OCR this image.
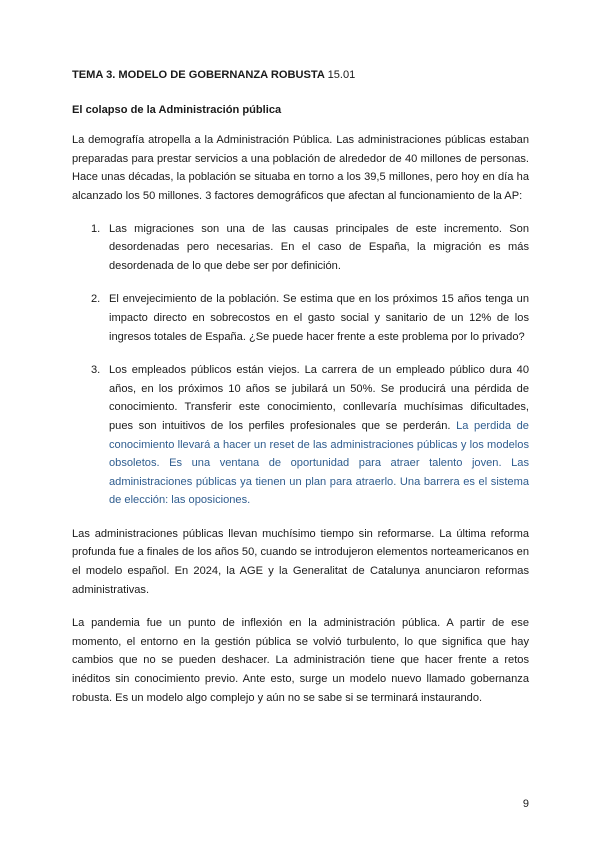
TEMA 3. MODELO DE GOBERNANZA ROBUSTA 15.01
El colapso de la Administración pública

La demografía atropella a la Administración Pública. Las administraciones públicas estaban preparadas para prestar servicios a una población de alrededor de 40 millones de personas. Hace unas décadas, la población se situaba en torno a los 39,5 millones, pero hoy en día ha alcanzado los 50 millones. 3 factores demográficos que afectan al funcionamiento de la AP:

1. Las migraciones son una de las causas principales de este incremento. Son desordenadas pero necesarias. En el caso de España, la migración es más desordenada de lo que debe ser por definición.
2. El envejecimiento de la población. Se estima que en los próximos 15 años tenga un impacto directo en sobrecostos en el gasto social y sanitario de un 12% de los ingresos totales de España. ¿Se puede hacer frente a este problema por lo privado?
3. Los empleados públicos están viejos. La carrera de un empleado público dura 40 años, en los próximos 10 años se jubilará un 50%. Se producirá una pérdida de conocimiento. Transferir este conocimiento, conllevaría muchísimas dificultades, pues son intuitivos de los perfiles profesionales que se perderán. La perdida de conocimiento llevará a hacer un reset de las administraciones públicas y los modelos obsoletos. Es una ventana de oportunidad para atraer talento joven. Las administraciones públicas ya tienen un plan para atraerlo. Una barrera es el sistema de elección: las oposiciones.

Las administraciones públicas llevan muchísimo tiempo sin reformarse. La última reforma profunda fue a finales de los años 50, cuando se introdujeron elementos norteamericanos en el modelo español. En 2024, la AGE y la Generalitat de Catalunya anunciaron reformas administrativas.

La pandemia fue un punto de inflexión en la administración pública. A partir de ese momento, el entorno en la gestión pública se volvió turbulento, lo que significa que hay cambios que no se pueden deshacer. La administración tiene que hacer frente a retos inéditos sin conocimiento previo. Ante esto, surge un modelo nuevo llamado gobernanza robusta. Es un modelo algo complejo y aún no se sabe si se terminará instaurando.

9
